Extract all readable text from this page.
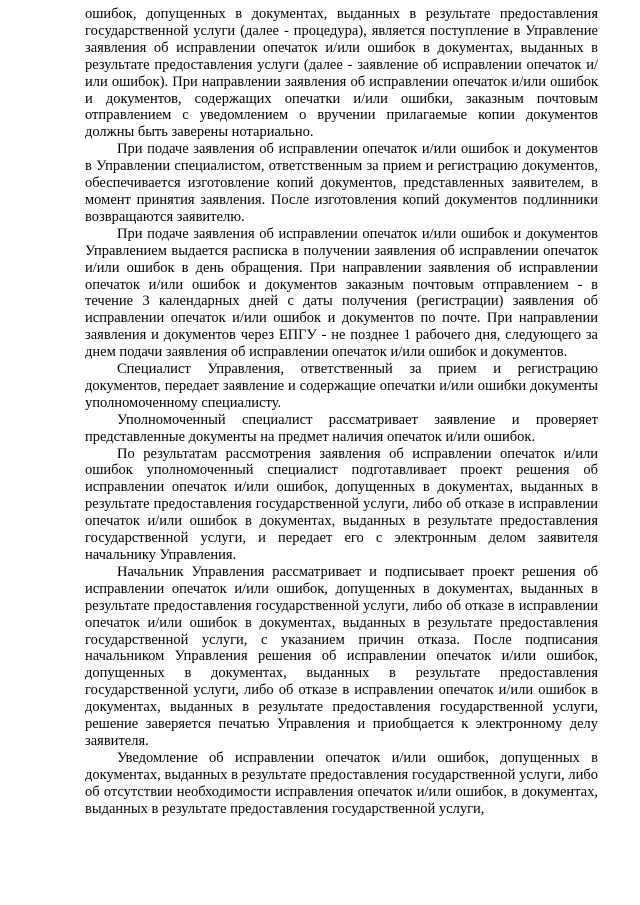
ошибок, допущенных в документах, выданных в результате предоставления государственной услуги (далее - процедура), является поступление в Управление заявления об исправлении опечаток и/или ошибок в документах, выданных в результате предоставления услуги (далее - заявление об исправлении опечаток и/или ошибок). При направлении заявления об исправлении опечаток и/или ошибок и документов, содержащих опечатки и/или ошибки, заказным почтовым отправлением с уведомлением о вручении прилагаемые копии документов должны быть заверены нотариально.

При подаче заявления об исправлении опечаток и/или ошибок и документов в Управлении специалистом, ответственным за прием и регистрацию документов, обеспечивается изготовление копий документов, представленных заявителем, в момент принятия заявления. После изготовления копий документов подлинники возвращаются заявителю.

При подаче заявления об исправлении опечаток и/или ошибок и документов Управлением выдается расписка в получении заявления об исправлении опечаток и/или ошибок в день обращения. При направлении заявления об исправлении опечаток и/или ошибок и документов заказным почтовым отправлением - в течение 3 календарных дней с даты получения (регистрации) заявления об исправлении опечаток и/или ошибок и документов по почте. При направлении заявления и документов через ЕПГУ - не позднее 1 рабочего дня, следующего за днем подачи заявления об исправлении опечаток и/или ошибок и документов.

Специалист Управления, ответственный за прием и регистрацию документов, передает заявление и содержащие опечатки и/или ошибки документы уполномоченному специалисту.

Уполномоченный специалист рассматривает заявление и проверяет представленные документы на предмет наличия опечаток и/или ошибок.

По результатам рассмотрения заявления об исправлении опечаток и/или ошибок уполномоченный специалист подготавливает проект решения об исправлении опечаток и/или ошибок, допущенных в документах, выданных в результате предоставления государственной услуги, либо об отказе в исправлении опечаток и/или ошибок в документах, выданных в результате предоставления государственной услуги, и передает его с электронным делом заявителя начальнику Управления.

Начальник Управления рассматривает и подписывает проект решения об исправлении опечаток и/или ошибок, допущенных в документах, выданных в результате предоставления государственной услуги, либо об отказе в исправлении опечаток и/или ошибок в документах, выданных в результате предоставления государственной услуги, с указанием причин отказа. После подписания начальником Управления решения об исправлении опечаток и/или ошибок, допущенных в документах, выданных в результате предоставления государственной услуги, либо об отказе в исправлении опечаток и/или ошибок в документах, выданных в результате предоставления государственной услуги, решение заверяется печатью Управления и приобщается к электронному делу заявителя.

Уведомление об исправлении опечаток и/или ошибок, допущенных в документах, выданных в результате предоставления государственной услуги, либо об отсутствии необходимости исправления опечаток и/или ошибок, в документах, выданных в результате предоставления государственной услуги,
